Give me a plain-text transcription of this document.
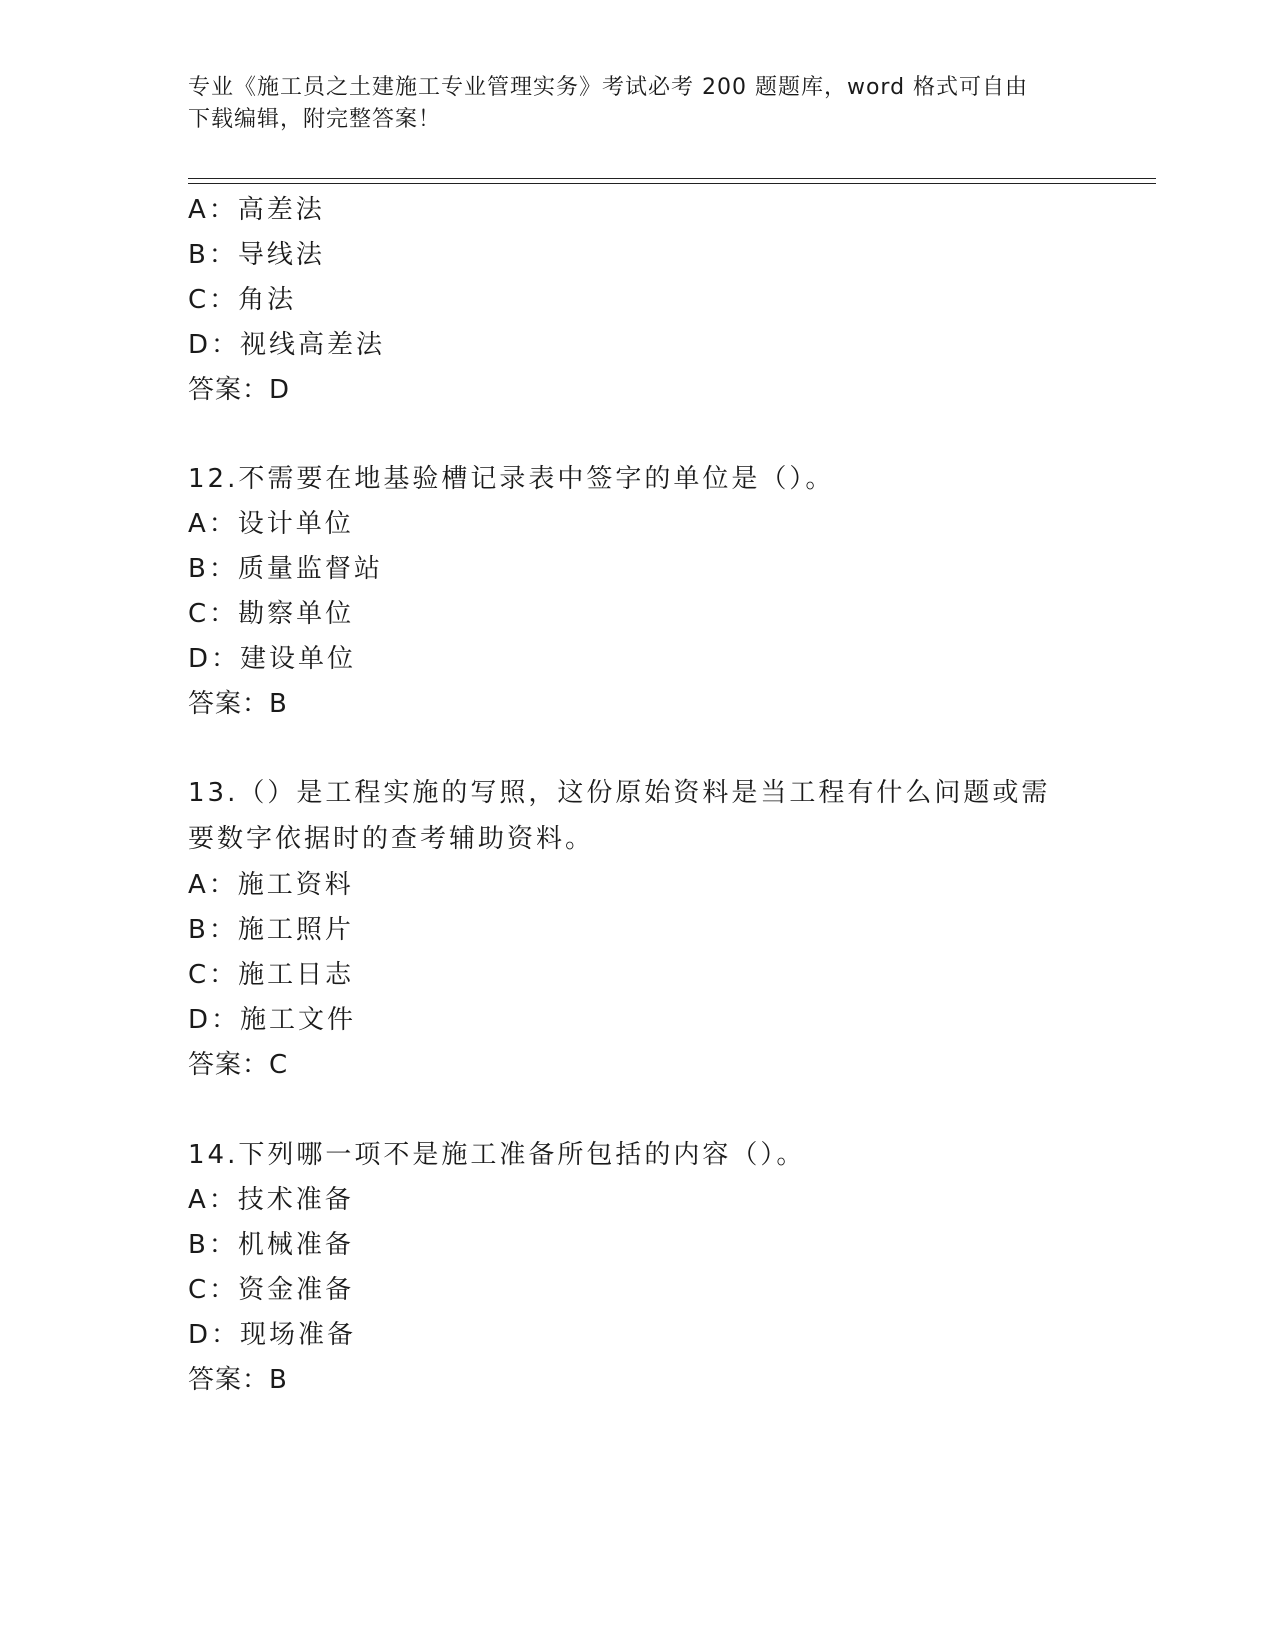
专业《施工员之土建施工专业管理实务》考试必考 200 题题库，word 格式可自由
下载编辑，附完整答案！
A：高差法
B：导线法
C：角法
D：视线高差法
答案：D
12.不需要在地基验槽记录表中签字的单位是（）。
A：设计单位
B：质量监督站
C：勘察单位
D：建设单位
答案：B
13.（）是工程实施的写照，这份原始资料是当工程有什么问题或需要数字依据时的查考辅助资料。
A：施工资料
B：施工照片
C：施工日志
D：施工文件
答案：C
14.下列哪一项不是施工准备所包括的内容（）。
A：技术准备
B：机械准备
C：资金准备
D：现场准备
答案：B
